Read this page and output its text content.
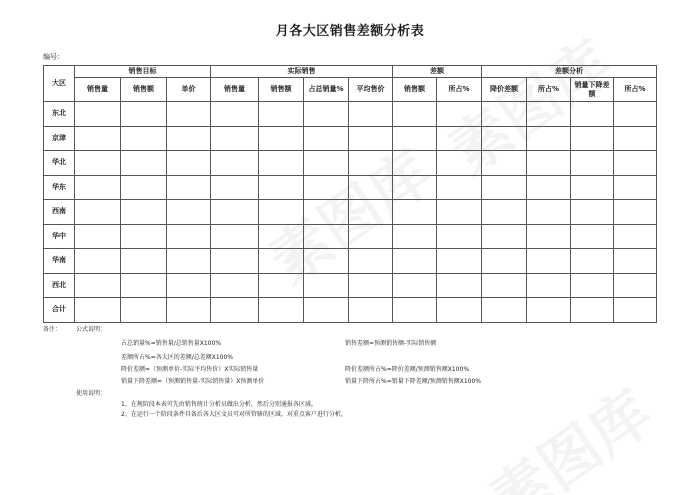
月各大区销售差额分析表
编号：
大区	销售目标			实际销售				差额		差额分析			
	销售量	销售额	单价	销售量	销售额	占总销量%	平均售价	销售额	所占%	降价差额	所占%	销量下降差额	所占%
东北													
京津													
华北													
华东													
西南													
华中													
华南													
西北													
合计													
备注： 公式说明：
占总销量%=销售量/总销售量X100%
差额所占%=各大区的差额/总差额X100%
降价差额=（预测单价-实际平均售价）X实际销售量
销量下降差额=（预测销售量-实际销售量）X预测单价
销售差额=预测销售额-实际销售额
降价差额所占%=降价差额/预测销售额X100%
销量下降所占%=销量下降差额/预测销售额X100%
使用说明：
1、在规阶段本表可先由销售统计分析员做出分析，然后分别通报各区域。
2、在运行一个阶段条件具备后各大区文员可对所管辖的区域、对重点客户进行分析。
